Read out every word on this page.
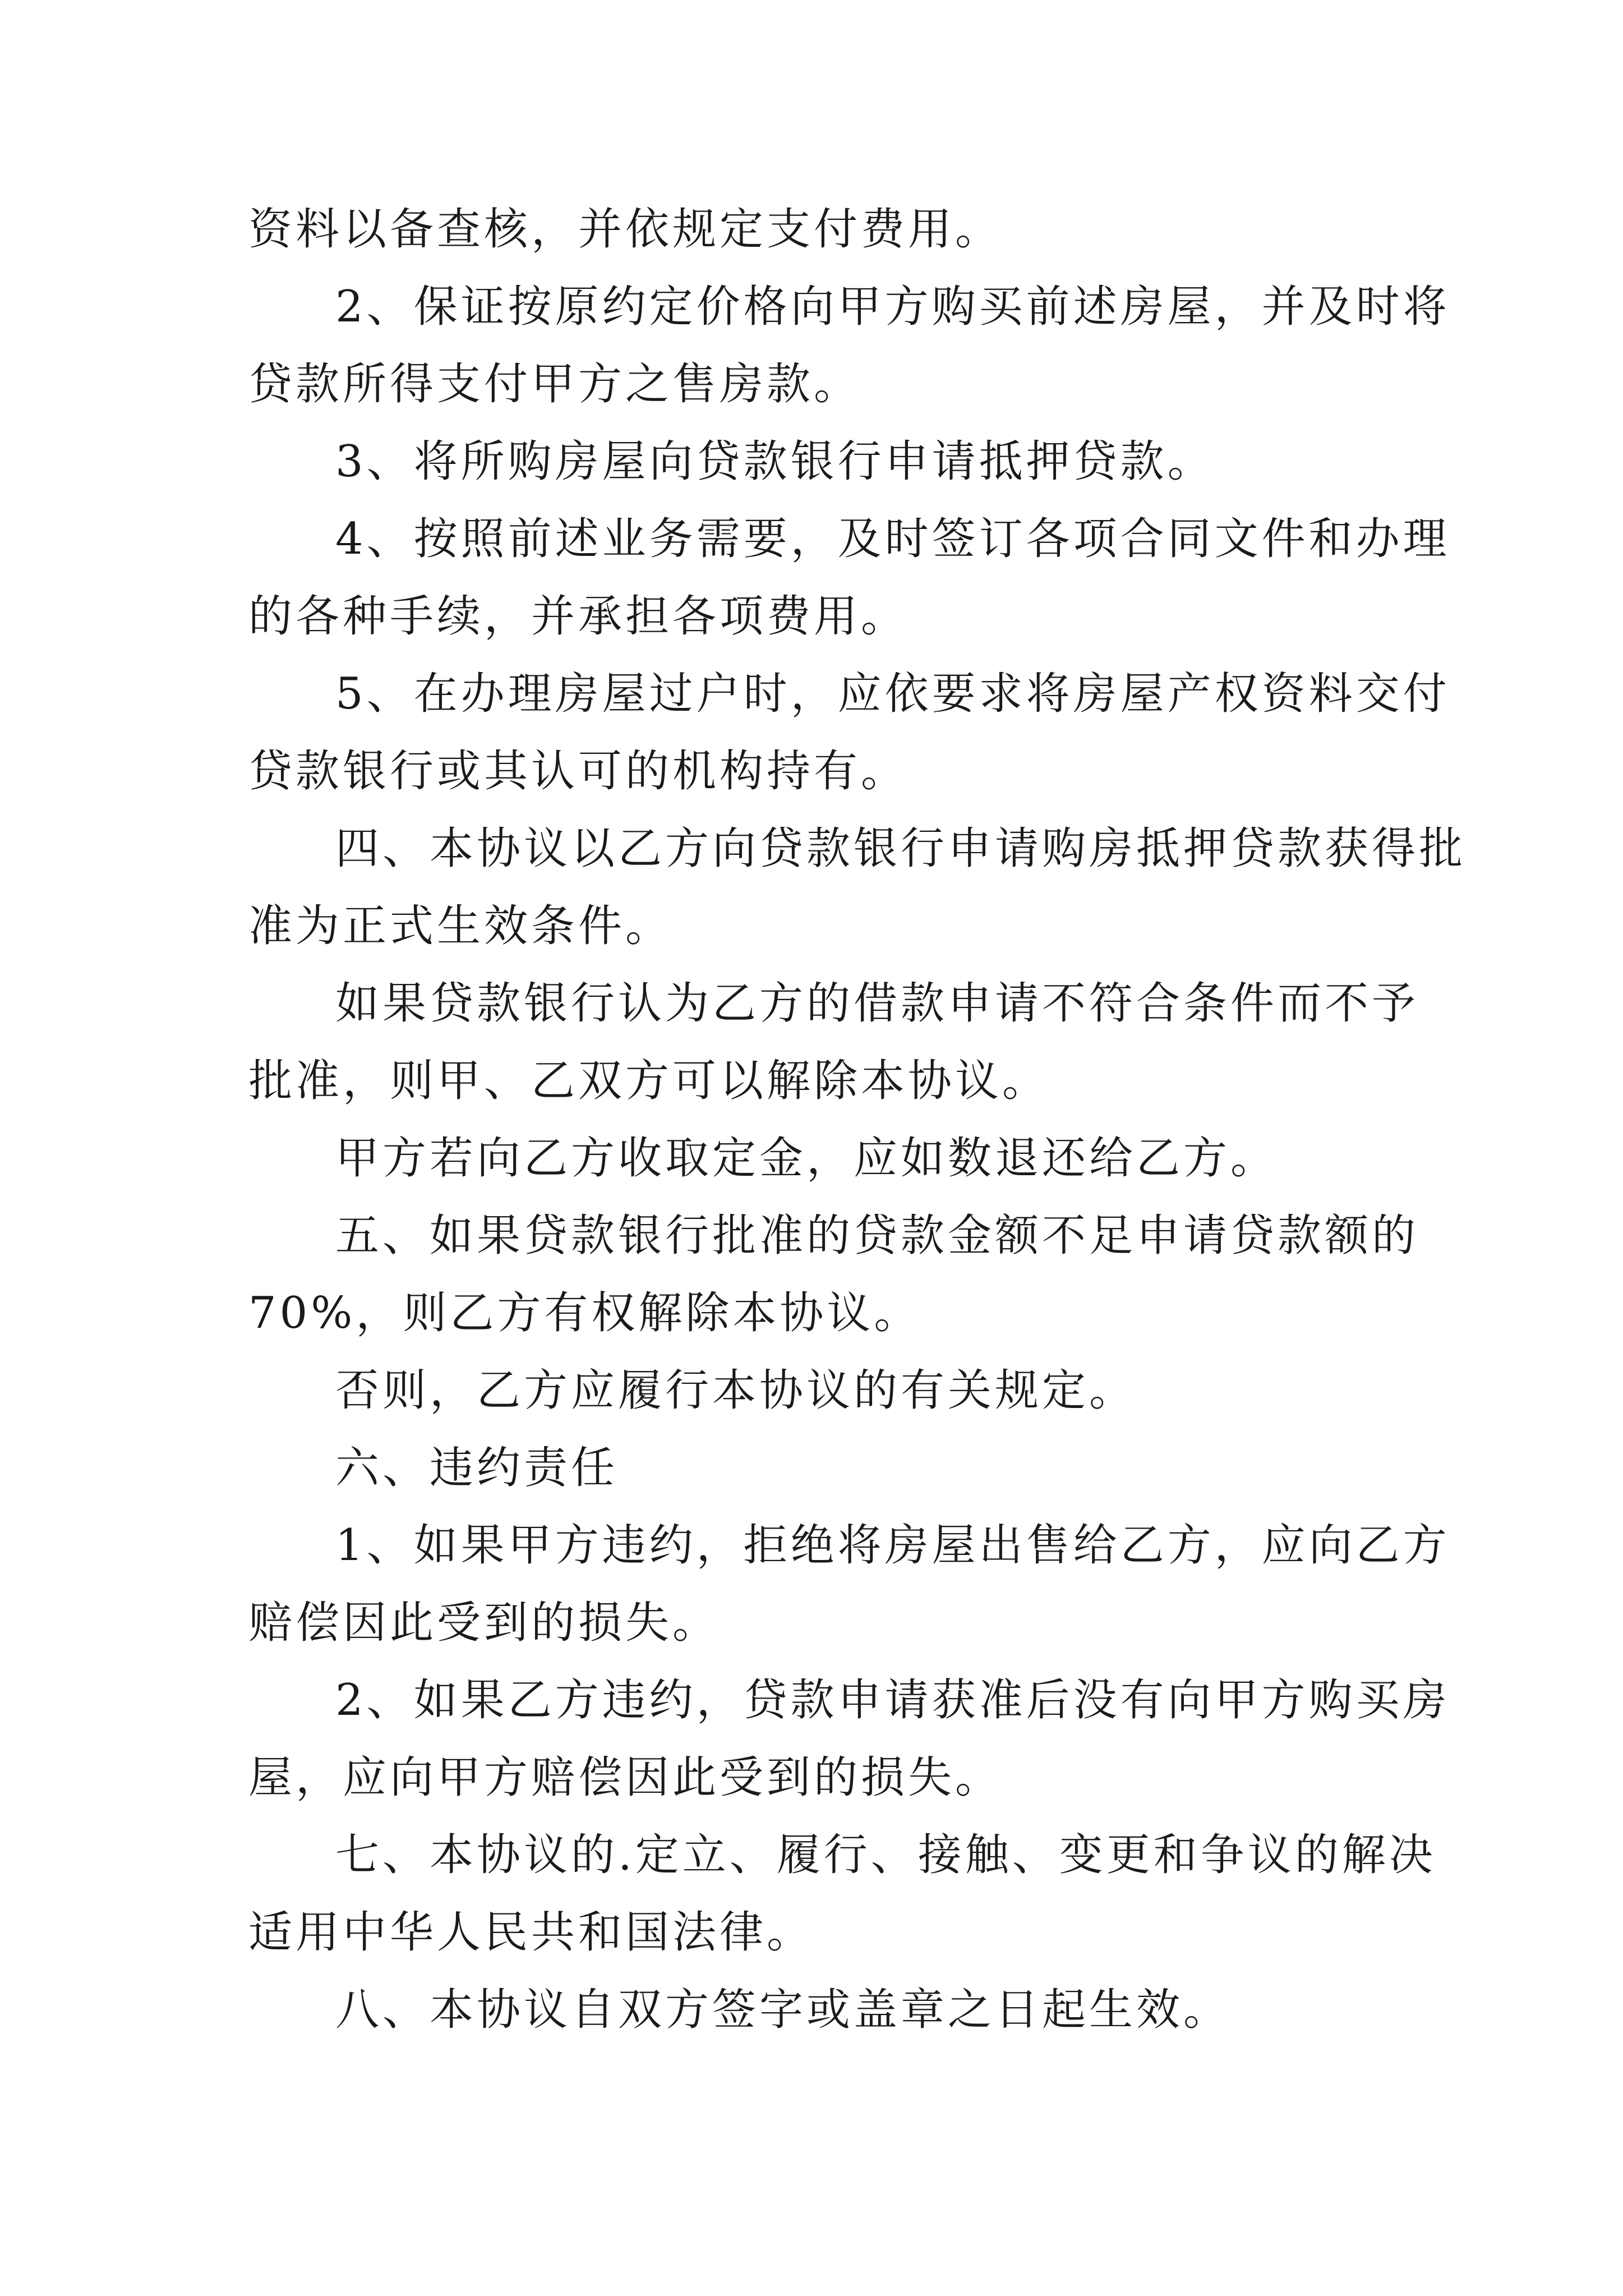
资料以备查核，并依规定支付费用。
2、保证按原约定价格向甲方购买前述房屋，并及时将
贷款所得支付甲方之售房款。
3、将所购房屋向贷款银行申请抵押贷款。
4、按照前述业务需要，及时签订各项合同文件和办理
的各种手续，并承担各项费用。
5、在办理房屋过户时，应依要求将房屋产权资料交付
贷款银行或其认可的机构持有。
四、本协议以乙方向贷款银行申请购房抵押贷款获得批
准为正式生效条件。
如果贷款银行认为乙方的借款申请不符合条件而不予
批准，则甲、乙双方可以解除本协议。
甲方若向乙方收取定金，应如数退还给乙方。
五、如果贷款银行批准的贷款金额不足申请贷款额的
70%，则乙方有权解除本协议。
否则，乙方应履行本协议的有关规定。
六、违约责任
1、如果甲方违约，拒绝将房屋出售给乙方，应向乙方
赔偿因此受到的损失。
2、如果乙方违约，贷款申请获准后没有向甲方购买房
屋，应向甲方赔偿因此受到的损失。
七、本协议的.定立、履行、接触、变更和争议的解决
适用中华人民共和国法律。
八、本协议自双方签字或盖章之日起生效。
